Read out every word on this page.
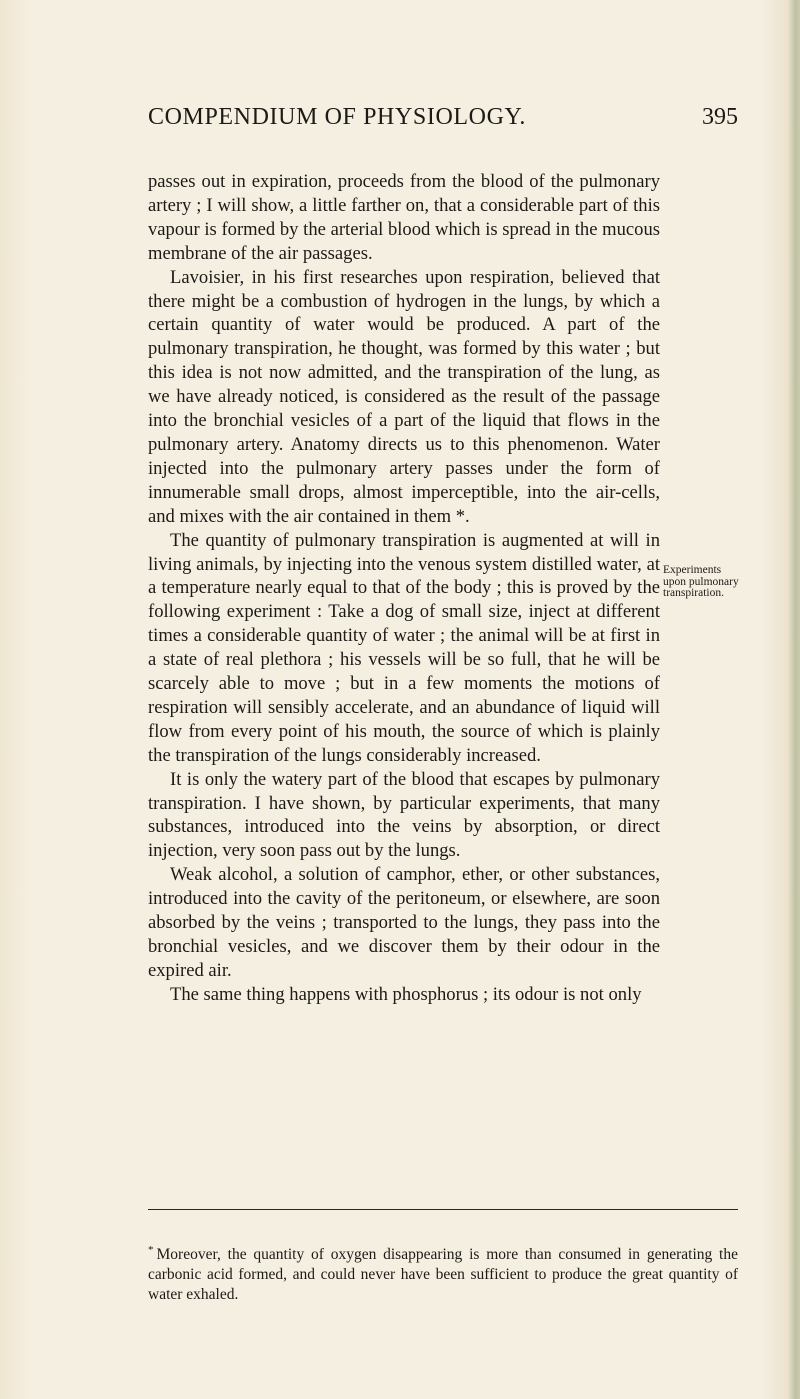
COMPENDIUM OF PHYSIOLOGY.	395

passes out in expiration, proceeds from the blood of the pulmonary artery ; I will show, a little farther on, that a considerable part of this vapour is formed by the arterial blood which is spread in the mucous membrane of the air passages.

Lavoisier, in his first researches upon respiration, believed that there might be a combustion of hydrogen in the lungs, by which a certain quantity of water would be produced. A part of the pulmonary transpiration, he thought, was formed by this water ; but this idea is not now admitted, and the transpiration of the lung, as we have already noticed, is considered as the result of the passage into the bronchial vesicles of a part of the liquid that flows in the pulmonary artery. Anatomy directs us to this phenomenon. Water injected into the pulmonary artery passes under the form of innumerable small drops, almost imperceptible, into the air-cells, and mixes with the air contained in them *.

The quantity of pulmonary transpiration is augmented at will in living animals, by injecting into the venous system distilled water, at a temperature nearly equal to that of the body ; this is proved by the following experiment : Take a dog of small size, inject at different times a considerable quantity of water ; the animal will be at first in a state of real plethora ; his vessels will be so full, that he will be scarcely able to move ; but in a few moments the motions of respiration will sensibly accelerate, and an abundance of liquid will flow from every point of his mouth, the source of which is plainly the transpiration of the lungs considerably increased.

It is only the watery part of the blood that escapes by pulmonary transpiration. I have shown, by particular experiments, that many substances, introduced into the veins by absorption, or direct injection, very soon pass out by the lungs.

Weak alcohol, a solution of camphor, ether, or other substances, introduced into the cavity of the peritoneum, or elsewhere, are soon absorbed by the veins ; transported to the lungs, they pass into the bronchial vesicles, and we discover them by their odour in the expired air.

The same thing happens with phosphorus ; its odour is not only

Experiments upon pulmonary transpiration.
* Moreover, the quantity of oxygen disappearing is more than consumed in generating the carbonic acid formed, and could never have been sufficient to produce the great quantity of water exhaled.
